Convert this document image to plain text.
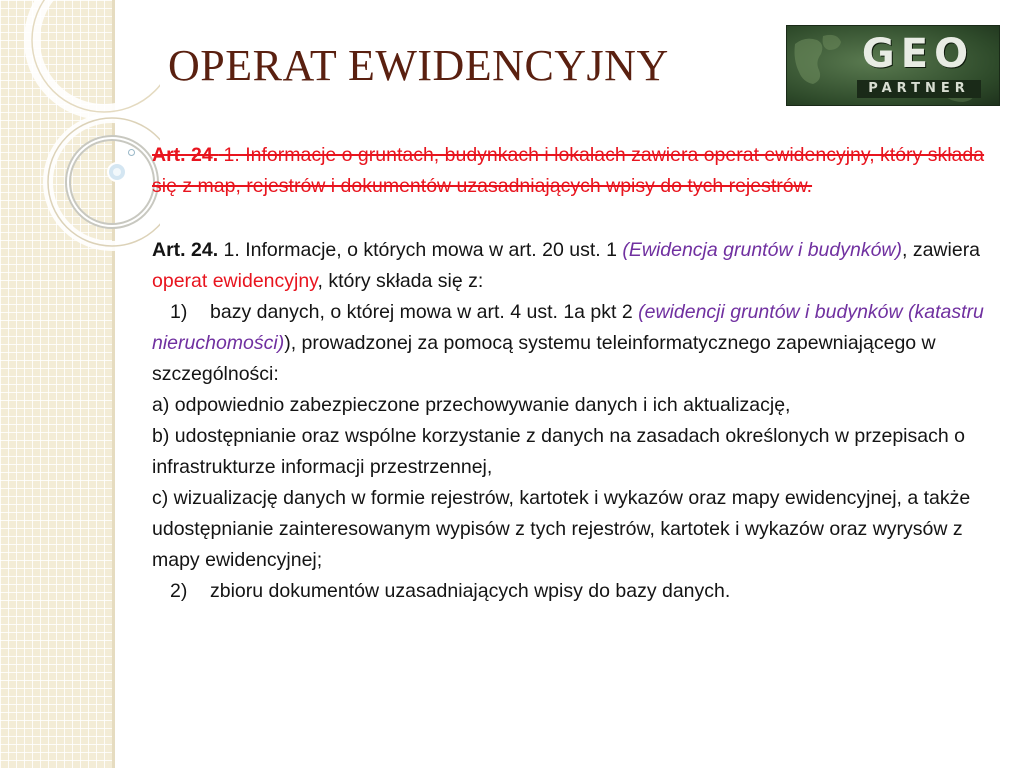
OPERAT EWIDENCYJNY	GEO
PARTNER

Art. 24. 1. Informacje o gruntach, budynkach i lokalach zawiera operat ewidencyjny, który składa się z map, rejestrów i dokumentów uzasadniających wpisy do tych rejestrów.

Art. 24. 1. Informacje, o których mowa w art. 20 ust. 1 (Ewidencja gruntów i budynków), zawiera operat ewidencyjny, który składa się z:

1) bazy danych, o której mowa w art. 4 ust. 1a pkt 2 (ewidencji gruntów i budynków (katastru nieruchomości)), prowadzonej za pomocą systemu teleinformatycznego zapewniającego w szczególności:

a) odpowiednio zabezpieczone przechowywanie danych i ich aktualizację,

b) udostępnianie oraz wspólne korzystanie z danych na zasadach określonych w przepisach o infrastrukturze informacji przestrzennej,

c) wizualizację danych w formie rejestrów, kartotek i wykazów oraz mapy ewidencyjnej, a także udostępnianie zainteresowanym wypisów z tych rejestrów, kartotek i wykazów oraz wyrysów z mapy ewidencyjnej;

2) zbioru dokumentów uzasadniających wpisy do bazy danych.
